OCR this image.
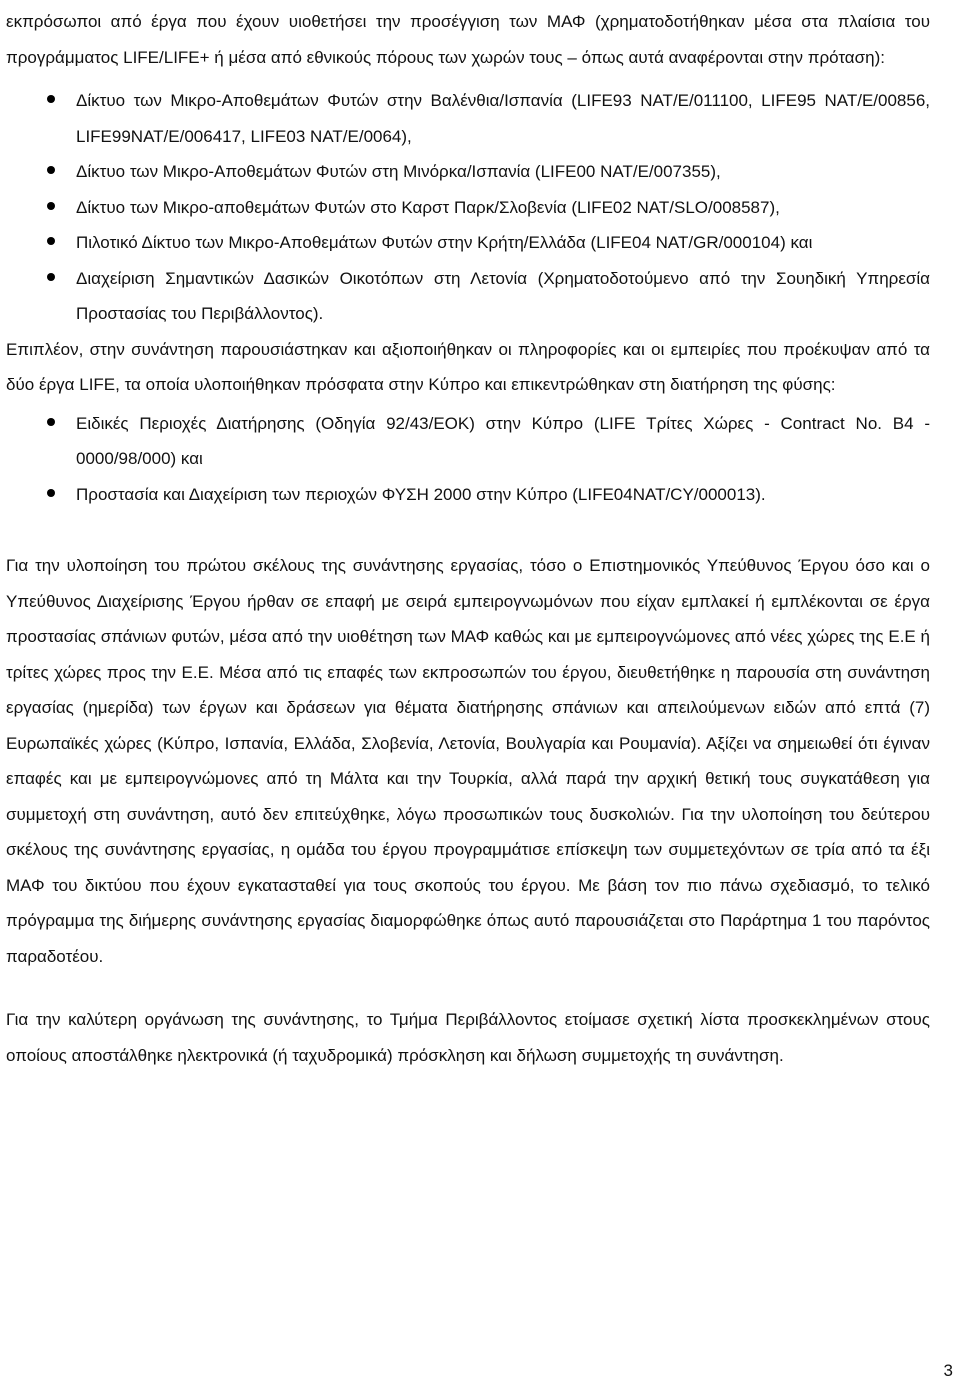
εκπρόσωποι από έργα που έχουν υιοθετήσει την προσέγγιση των ΜΑΦ (χρηματοδοτήθηκαν μέσα στα πλαίσια του προγράμματος LIFE/LIFE+ ή μέσα από εθνικούς πόρους των χωρών τους – όπως αυτά αναφέρονται στην πρόταση):

Δίκτυο των Μικρο-Αποθεμάτων Φυτών στην Βαλένθια/Ισπανία (LIFE93 NAT/E/011100, LIFE95 NAT/E/00856, LIFE99NAT/E/006417, LIFE03 NAT/E/0064),
Δίκτυο των Μικρο-Αποθεμάτων Φυτών στη Μινόρκα/Ισπανία (LIFE00 NAT/E/007355),
Δίκτυο των Μικρο-αποθεμάτων Φυτών στο Καρστ Παρκ/Σλοβενία (LIFE02 NAT/SLO/008587),
Πιλοτικό Δίκτυο των Μικρο-Αποθεμάτων Φυτών στην Κρήτη/Ελλάδα (LIFE04 NAT/GR/000104) και
Διαχείριση Σημαντικών Δασικών Οικοτόπων στη Λετονία (Χρηματοδοτούμενο από την Σουηδική Υπηρεσία Προστασίας του Περιβάλλοντος).

Επιπλέον, στην συνάντηση παρουσιάστηκαν και αξιοποιήθηκαν οι πληροφορίες και οι εμπειρίες που προέκυψαν από τα δύο έργα LIFE, τα οποία υλοποιήθηκαν πρόσφατα στην Κύπρο και επικεντρώθηκαν στη διατήρηση της φύσης:

Ειδικές Περιοχές Διατήρησης (Οδηγία 92/43/ΕΟΚ) στην Κύπρο (LIFE Τρίτες Χώρες - Contract No. B4 - 0000/98/000) και
Προστασία και Διαχείριση των περιοχών ΦΥΣΗ 2000 στην Κύπρο (LIFE04NAT/CY/000013).

Για την υλοποίηση του πρώτου σκέλους της συνάντησης εργασίας, τόσο ο Επιστημονικός Υπεύθυνος Έργου όσο και ο Υπεύθυνος Διαχείρισης Έργου ήρθαν σε επαφή με σειρά εμπειρογνωμόνων που είχαν εμπλακεί ή εμπλέκονται σε έργα προστασίας σπάνιων φυτών, μέσα από την υιοθέτηση των ΜΑΦ καθώς και με εμπειρογνώμονες από νέες χώρες της Ε.Ε ή τρίτες χώρες προς την Ε.Ε. Μέσα από τις επαφές των εκπροσωπών του έργου, διευθετήθηκε η παρουσία στη συνάντηση εργασίας (ημερίδα) των έργων και δράσεων για θέματα διατήρησης σπάνιων και απειλούμενων ειδών από επτά (7) Ευρωπαϊκές χώρες (Κύπρο, Ισπανία, Ελλάδα, Σλοβενία, Λετονία, Βουλγαρία και Ρουμανία). Αξίζει να σημειωθεί ότι έγιναν επαφές και με εμπειρογνώμονες από τη Μάλτα και την Τουρκία, αλλά παρά την αρχική θετική τους συγκατάθεση για συμμετοχή στη συνάντηση, αυτό δεν επιτεύχθηκε, λόγω προσωπικών τους δυσκολιών. Για την υλοποίηση του δεύτερου σκέλους της συνάντησης εργασίας, η ομάδα του έργου προγραμμάτισε επίσκεψη των συμμετεχόντων σε τρία από τα έξι ΜΑΦ του δικτύου που έχουν εγκατασταθεί για τους σκοπούς του έργου. Με βάση τον πιο πάνω σχεδιασμό, το τελικό πρόγραμμα της διήμερης συνάντησης εργασίας διαμορφώθηκε όπως αυτό παρουσιάζεται στο Παράρτημα 1 του παρόντος παραδοτέου.

Για την καλύτερη οργάνωση της συνάντησης, το Τμήμα Περιβάλλοντος ετοίμασε σχετική λίστα προσκεκλημένων στους οποίους αποστάλθηκε ηλεκτρονικά (ή ταχυδρομικά) πρόσκληση και δήλωση συμμετοχής τη συνάντηση.

3
